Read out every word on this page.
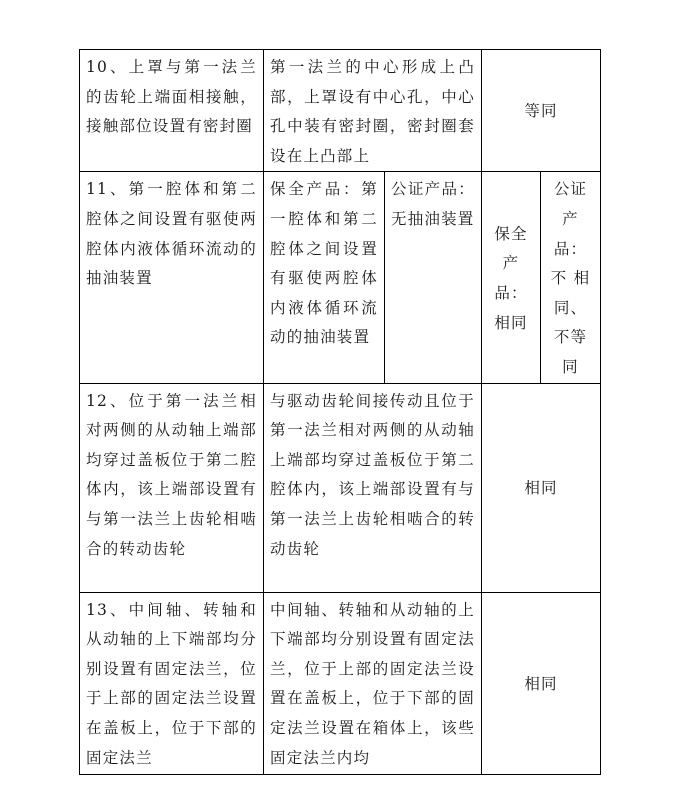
10、上罩与第一法兰的齿轮上端面相接触，接触部位设置有密封圈	第一法兰的中心形成上凸部，上罩设有中心孔，中心孔中装有密封圈，密封圈套设在上凸部上		等同	
11、第一腔体和第二腔体之间设置有驱使两腔体内液体循环流动的抽油装置	保全产品：第一腔体和第二腔体之间设置有驱使两腔体内液体循环流动的抽油装置	公证产品：无抽油装置	保全产品：相同	公证产品：不 相同、不等同
12、位于第一法兰相对两侧的从动轴上端部均穿过盖板位于第二腔体内，该上端部设置有与第一法兰上齿轮相啮合的转动齿轮	与驱动齿轮间接传动且位于第一法兰相对两侧的从动轴上端部均穿过盖板位于第二腔体内，该上端部设置有与第一法兰上齿轮相啮合的转动齿轮		相同	
13、中间轴、转轴和从动轴的上下端部均分别设置有固定法兰，位于上部的固定法兰设置在盖板上，位于下部的固定法兰	中间轴、转轴和从动轴的上下端部均分别设置有固定法兰，位于上部的固定法兰设置在盖板上，位于下部的固定法兰设置在箱体上，该些固定法兰内均		相同	
